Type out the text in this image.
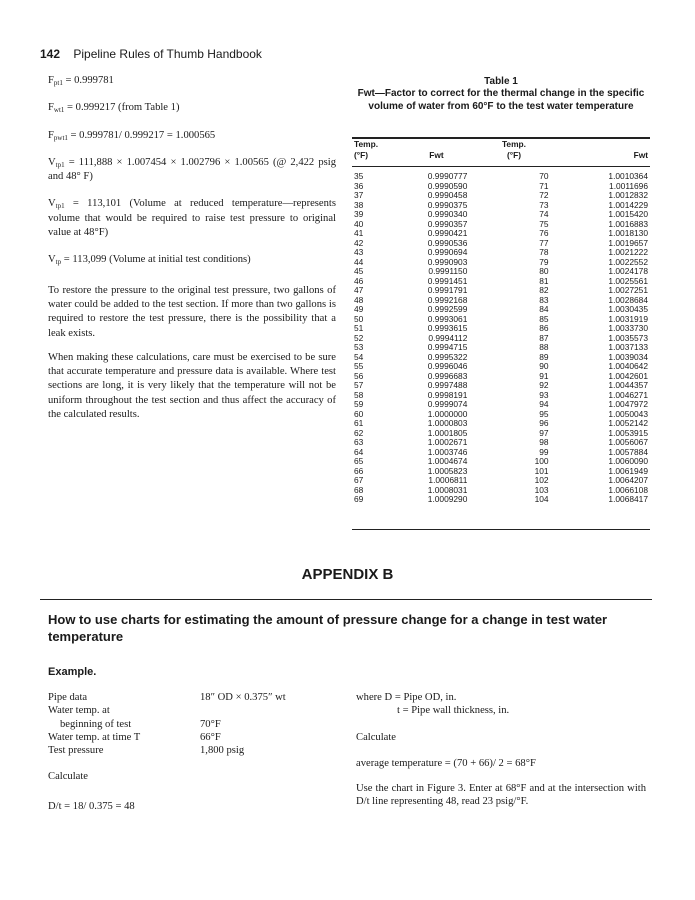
142 Pipeline Rules of Thumb Handbook
$F_{pt1} = 0.999781$
$F_{wt1} = 0.999217$ (from Table 1)
$F_{pwt1} = 0.999781/$ 0.999217 = 1.000565
$V_{tp1} = 111,888 \times 1.007454 \times 1.002796 \times 1.00565$ (@ 2,422 psig and 48° F)
$V_{tp1} = 113,101$ (Volume at reduced temperature—represents volume that would be required to raise test pressure to original value at 48°F)
$V_{tp} = 113,099$ (Volume at initial test conditions)

To restore the pressure to the original test pressure, two gallons of water could be added to the test section. If more than two gallons is required to restore the test pressure, there is the possibility that a leak exists.

When making these calculations, care must be exercised to be sure that accurate temperature and pressure data is available. Where test sections are long, it is very likely that the temperature will not be uniform throughout the test section and thus affect the accuracy of the calculated results.

Table 1
Fwt—Factor to correct for the thermal change in the specific volume of water from 60°F to the test water temperature
Temp.		Temp.	
(°F)	Fwt	(°F)	Fwt

35	0.9990777	70	1.0010364
36	0.9990590	71	1.0011696
37	0.9990458	72	1.0012832
38	0.9990375	73	1.0014229
39	0.9990340	74	1.0015420
40	0.9990357	75	1.0016883
41	0.9990421	76	1.0018130
42	0.9990536	77	1.0019657
43	0.9990694	78	1.0021222
44	0.9990903	79	1.0022552
45	0.9991150	80	1.0024178
46	0.9991451	81	1.0025561
47	0.9991791	82	1.0027251
48	0.9992168	83	1.0028684
49	0.9992599	84	1.0030435
50	0.9993061	85	1.0031919
51	0.9993615	86	1.0033730
52	0.9994112	87	1.0035573
53	0.9994715	88	1.0037133
54	0.9995322	89	1.0039034
55	0.9996046	90	1.0040642
56	0.9996683	91	1.0042601
57	0.9997488	92	1.0044357
58	0.9998191	93	1.0046271
59	0.9999074	94	1.0047972
60	1.0000000	95	1.0050043
61	1.0000803	96	1.0052142
62	1.0001805	97	1.0053915
63	1.0002671	98	1.0056067
64	1.0003746	99	1.0057884
65	1.0004674	100	1.0060090
66	1.0005823	101	1.0061949
67	1.0006811	102	1.0064207
68	1.0008031	103	1.0066108
69	1.0009290	104	1.0068417
APPENDIX B
How to use charts for estimating the amount of pressure change for a change in test water temperature
Example.
Pipe data	18″ OD × 0.375″ wt
Water temp. at
beginning of test	70°F
Water temp. at time T	66°F
Test pressure	1,800 psig
Calculate
D/t = 18/ 0.375 = 48
where D = Pipe OD, in.
t = Pipe wall thickness, in.
Calculate
average temperature = (70 + 66)/ 2 = 68°F
Use the chart in Figure 3. Enter at 68°F and at the intersection with D/t line representing 48, read 23 psig/°F.
